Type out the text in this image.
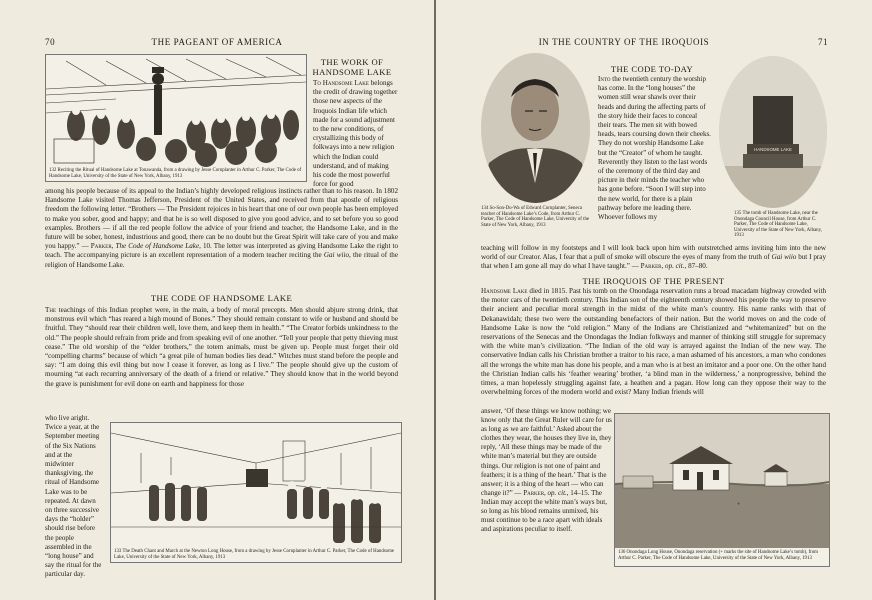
70	THE PAGEANT OF AMERICA
132 Reciting the Ritual of Handsome Lake at Tonawanda, from a drawing by Jesse Cornplanter in Arthur C. Parker, The Code of Handsome Lake, University of the State of New York, Albany, 1913
THE WORK OF
HANDSOME LAKE
To Handsome Lake belongs the credit of drawing together those new aspects of the Iroquois Indian life which made for a sound adjustment to the new conditions, of crystallizing this body of folkways into a new religion which the Indian could understand, and of making his code the most powerful force for good
among his people because of its appeal to the Indian’s highly developed religious instincts rather than to his reason. In 1802 Handsome Lake visited Thomas Jefferson, President of the United States, and received from that apostle of religious freedom the following letter. “Brothers — The President rejoices in his heart that one of our own people has been employed to make you sober, good and happy; and that he is so well disposed to give you good advice, and to set before you so good examples. Brothers — if all the red people follow the advice of your friend and teacher, the Handsome Lake, and in the future will be sober, honest, industrious and good, there can be no doubt but the Great Spirit will take care of you and make you happy.” — Parker, The Code of Handsome Lake, 10. The letter was interpreted as giving Handsome Lake the right to teach. The accompanying picture is an excellent representation of a modern teacher reciting the Gai wiio, the ritual of the religion of Handsome Lake.
THE CODE OF HANDSOME LAKE
The teachings of this Indian prophet were, in the main, a body of moral precepts. Men should abjure strong drink, that monstrous evil which “has reared a high mound of Bones.” They should remain constant to wife or husband and should be fruitful. They “should rear their children well, love them, and keep them in health.” “The Creator forbids unkindness to the old.” The people should refrain from pride and from speaking evil of one another. “Tell your people that petty thieving must cease.” The old worship of the “elder brothers,” the totem animals, must be given up. People must forget their old “compelling charms” because of which “a great pile of human bodies lies dead.” Witches must stand before the people and say: “I am doing this evil thing but now I cease it forever, as long as I live.” The people should give up the custom of mourning “at each recurring anniversary of the death of a friend or relative.” They should know that in the world beyond the grave is punishment for evil done on earth and happiness for those
who live aright. Twice a year, at the September meeting of the Six Nations and at the midwinter thanksgiving, the ritual of Handsome Lake was to be repeated. At dawn on three successive days the “holder” should rise before the people assembled in the “long house” and say the ritual for the particular day.
133 The Death Chant and March at the Newton Long House, from a drawing by Jesse Cornplanter in Arthur C. Parker, The Code of Handsome Lake, University of the State of New York, Albany, 1913
IN THE COUNTRY OF THE IROQUOIS	71
134 So-Son-Do-Wa of Edward Cornplanter, Seneca teacher of Handsome Lake’s Code, from Arthur C. Parker, The Code of Handsome Lake, University of the State of New York, Albany, 1913
THE CODE TO-DAY
Into the twentieth century the worship has come. In the “long houses” the women still wear shawls over their heads and during the affecting parts of the story hide their faces to conceal their tears. The men sit with bowed heads, tears coursing down their cheeks. They do not worship Handsome Lake but the “Creator” of whom he taught. Reverently they listen to the last words of the ceremony of the third day and picture in their minds the teacher who has gone before. “Soon I will step into the new world, for there is a plain pathway before me leading there. Whoever follows my
teaching will follow in my footsteps and I will look back upon him with outstretched arms inviting him into the new world of our Creator. Alas, I fear that a pull of smoke will obscure the eyes of many from the truth of Gai wiio but I pray that when I am gone all may do what I have taught.” — Parker, op. cit., 87–80.
HANDSOME LAKE
135 The tomb of Handsome Lake, near the Onondaga Council House, from Arthur C. Parker, The Code of Handsome Lake, University of the State of New York, Albany, 1913
THE IROQUOIS OF THE PRESENT
Handsome Lake died in 1815. Past his tomb on the Onondaga reservation runs a broad macadam highway crowded with the motor cars of the twentieth century. This Indian son of the eighteenth century showed his people the way to preserve their ancient and peculiar moral strength in the midst of the white man’s country. His name ranks with that of Dekanawidah; these two were the outstanding benefactors of their nation. But the world moves on and the code of Handsome Lake is now the “old religion.” Many of the Indians are Christianized and “whitemanized” but on the reservations of the Senecas and the Onondagas the Indian folkways and manner of thinking still struggle for supremacy with the white man’s civilization. “The Indian of the old way is arrayed against the Indian of the new way. The conservative Indian calls his Christian brother a traitor to his race, a man ashamed of his ancestors, a man who condones all the wrongs the white man has done his people, and a man who is at best an imitator and a poor one. On the other hand the Christian Indian calls his ‘feather wearing’ brother, ‘a blind man in the wilderness,’ a nonprogressive, behind the times, a man hopelessly struggling against fate, a heathen and a pagan. How long can they oppose their way to the overwhelming forces of the modern world and exist? Many Indian friends will
answer, ‘Of these things we know nothing; we know only that the Great Ruler will care for us as long as we are faithful.’ Asked about the clothes they wear, the houses they live in, they reply, ‘All these things may be made of the white man’s material but they are outside things. Our religion is not one of paint and feathers; it is a thing of the heart.’ That is the answer; it is a thing of the heart — who can change it?” — Parker, op. cit., 14–15. The Indian may accept the white man’s ways but, so long as his blood remains unmixed, his must continue to be a race apart with ideals and aspirations peculiar to itself.
+
136 Onondaga Long House, Onondaga reservation (+ marks the site of Handsome Lake’s tomb), from Arthur C. Parker, The Code of Handsome Lake, University of the State of New York, Albany, 1913
